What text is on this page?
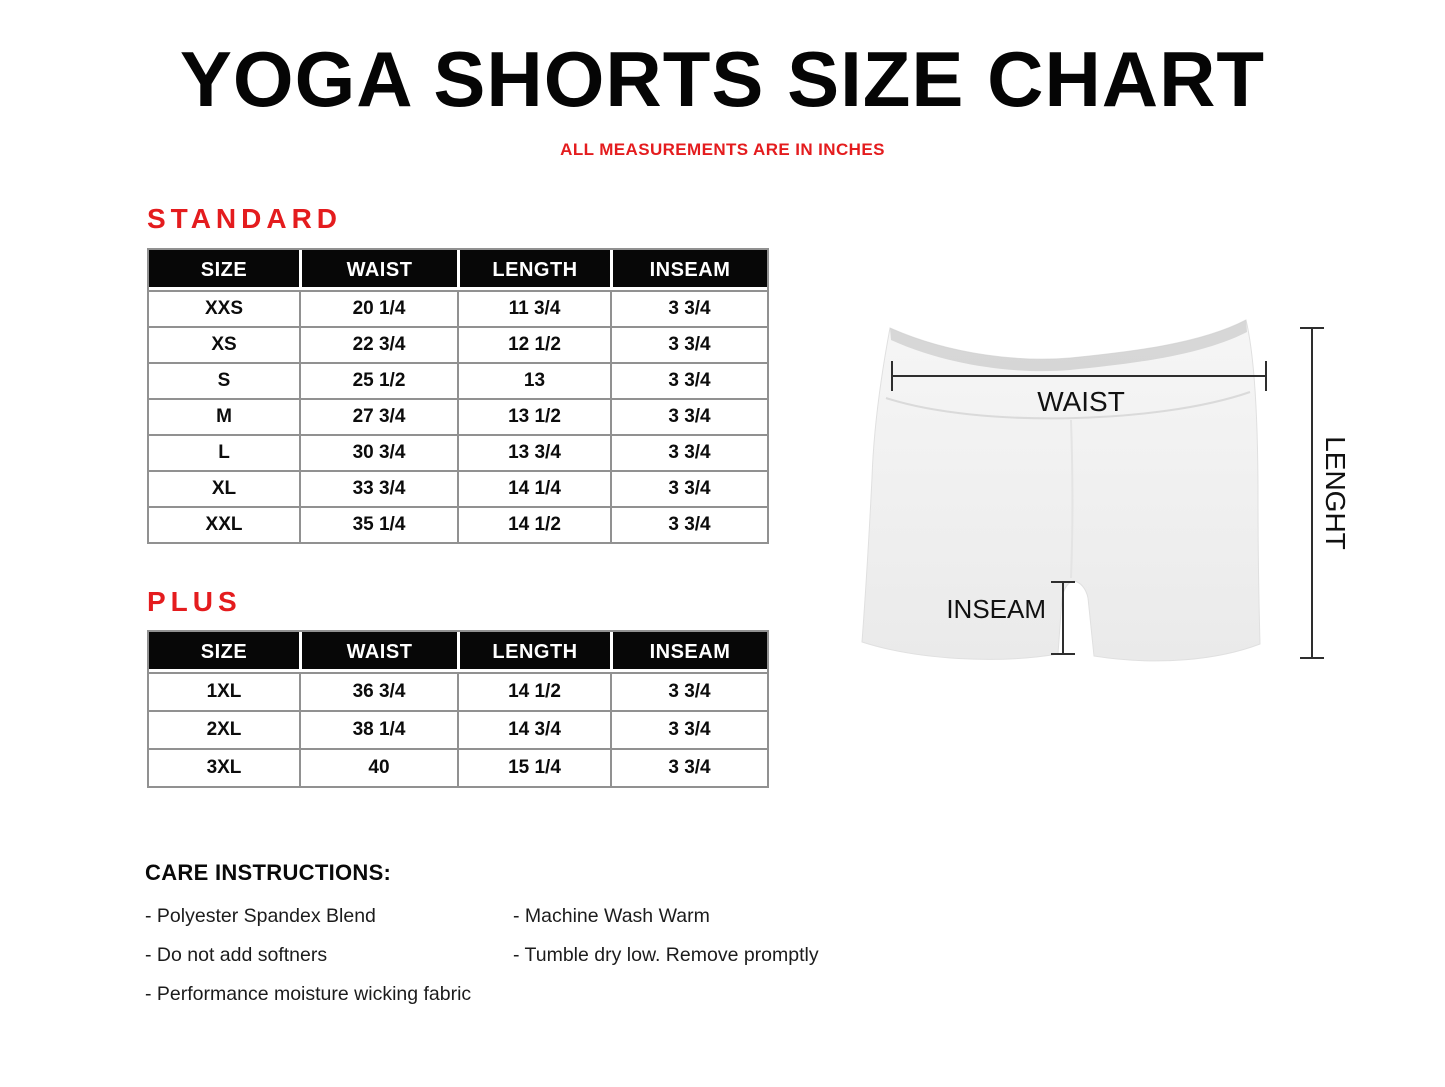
YOGA SHORTS SIZE CHART
ALL MEASUREMENTS ARE IN INCHES
STANDARD
SIZE	WAIST	LENGTH	INSEAM
XXS	20 1/4	11 3/4	3 3/4
XS	22 3/4	12 1/2	3 3/4
S	25 1/2	13	3 3/4
M	27 3/4	13 1/2	3 3/4
L	30 3/4	13 3/4	3 3/4
XL	33 3/4	14 1/4	3 3/4
XXL	35 1/4	14 1/2	3 3/4
PLUS
SIZE	WAIST	LENGTH	INSEAM
1XL	36 3/4	14 1/2	3 3/4
2XL	38 1/4	14 3/4	3 3/4
3XL	40	15 1/4	3 3/4
WAIST
INSEAM
LENGHT
CARE INSTRUCTIONS:
- Polyester Spandex Blend
- Do not add softners
- Performance moisture wicking fabric
- Machine Wash Warm
- Tumble dry low. Remove promptly
